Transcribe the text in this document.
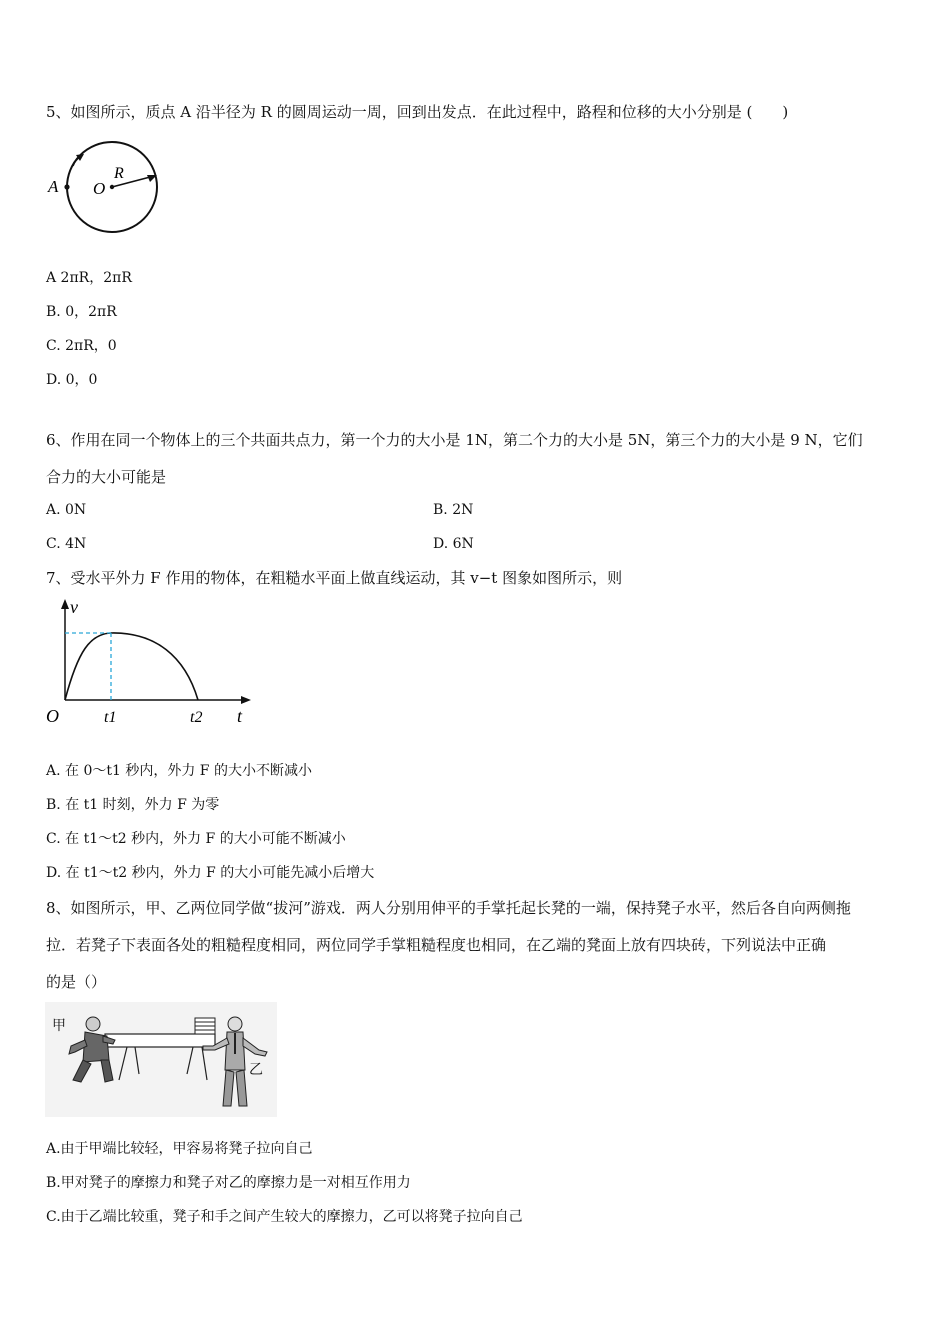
5、如图所示，质点 A 沿半径为 R 的圆周运动一周，回到出发点．在此过程中，路程和位移的大小分别是 (　　)
A O
R
A 2πR，2πR
B. 0，2πR
C. 2πR，0
D. 0，0
6、作用在同一个物体上的三个共面共点力，第一个力的大小是 1N，第二个力的大小是 5N，第三个力的大小是 9 N，它们
合力的大小可能是
A. 0N	B. 2N
C. 4N	D. 6N
7、受水平外力 F 作用的物体，在粗糙水平面上做直线运动，其 v−t 图象如图所示，则
v
O	t1	t2 t
A. 在 0～t1 秒内，外力 F 的大小不断减小
B. 在 t1 时刻，外力 F 为零
C. 在 t1～t2 秒内，外力 F 的大小可能不断减小
D. 在 t1～t2 秒内，外力 F 的大小可能先减小后增大
8、如图所示，甲、乙两位同学做“拔河”游戏．两人分别用伸平的手掌托起长凳的一端，保持凳子水平，然后各自向两侧拖
拉．若凳子下表面各处的粗糙程度相同，两位同学手掌粗糙程度也相同，在乙端的凳面上放有四块砖，下列说法中正确
的是（）
甲
乙
A.由于甲端比较轻，甲容易将凳子拉向自己
B.甲对凳子的摩擦力和凳子对乙的摩擦力是一对相互作用力
C.由于乙端比较重，凳子和手之间产生较大的摩擦力，乙可以将凳子拉向自己
